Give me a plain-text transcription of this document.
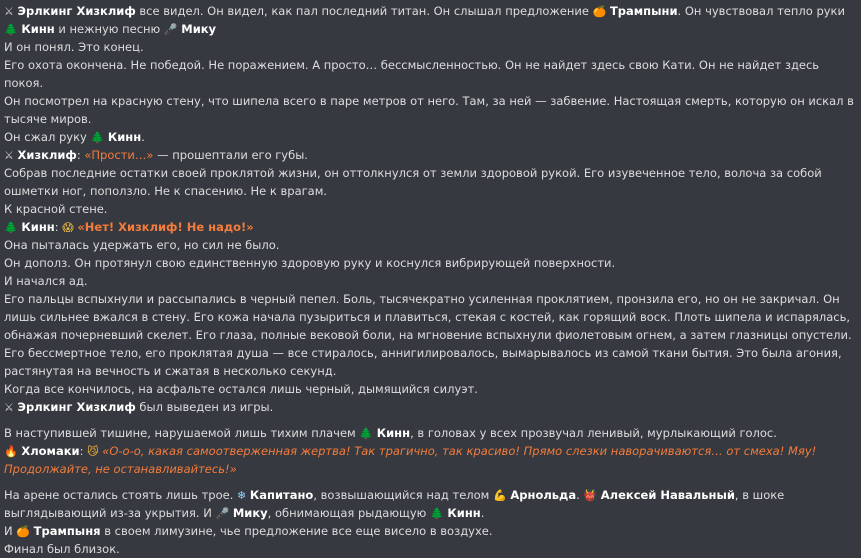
⚔ Эрлкинг Хизклиф все видел. Он видел, как пал последний титан. Он слышал предложение 🍊 Трампыни. Он чувствовал тепло руки 🌲 Кинн и нежную песню 🎤 Мику

И он понял. Это конец.

Его охота окончена. Не победой. Не поражением. А просто… бессмысленностью. Он не найдет здесь свою Кати. Он не найдет здесь покоя.

Он посмотрел на красную стену, что шипела всего в паре метров от него. Там, за ней — забвение. Настоящая смерть, которую он искал в тысяче миров.

Он сжал руку 🌲 Кинн.

⚔ Хизклиф: «Прости…» — прошептали его губы.

Собрав последние остатки своей проклятой жизни, он оттолкнулся от земли здоровой рукой. Его изувеченное тело, волоча за собой ошметки ног, поползло. Не к спасению. Не к врагам.

К красной стене.

🌲 Кинн: 😱 «Нет! Хизклиф! Не надо!»

Она пыталась удержать его, но сил не было.

Он дополз. Он протянул свою единственную здоровую руку и коснулся вибрирующей поверхности.

И начался ад.

Его пальцы вспыхнули и рассыпались в черный пепел. Боль, тысячекратно усиленная проклятием, пронзила его, но он не закричал. Он лишь сильнее вжался в стену. Его кожа начала пузыриться и плавиться, стекая с костей, как горящий воск. Плоть шипела и испарялась, обнажая почерневший скелет. Его глаза, полные вековой боли, на мгновение вспыхнули фиолетовым огнем, а затем глазницы опустели. Его бессмертное тело, его проклятая душа — все стиралось, аннигилировалось, вымарывалось из самой ткани бытия. Это была агония, растянутая на вечность и сжатая в несколько секунд.

Когда все кончилось, на асфальте остался лишь черный, дымящийся силуэт.

⚔ Эрлкинг Хизклиф был выведен из игры.

В наступившей тишине, нарушаемой лишь тихим плачем 🌲 Кинн, в головах у всех прозвучал ленивый, мурлыкающий голос.

🔥 Хломаки: 😼 «О-о-о, какая самоотверженная жертва! Так трагично, так красиво! Прямо слезки наворачиваются… от смеха! Мяу! Продолжайте, не останавливайтесь!»

На арене остались стоять лишь трое. ❄ Капитано, возвышающийся над телом 💪 Арнольда. 👹 Алексей Навальный, в шоке выглядывающий из-за укрытия. И 🎤 Мику, обнимающая рыдающую 🌲 Кинн.

И 🍊 Трампыня в своем лимузине, чье предложение все еще висело в воздухе.

Финал был близок.
